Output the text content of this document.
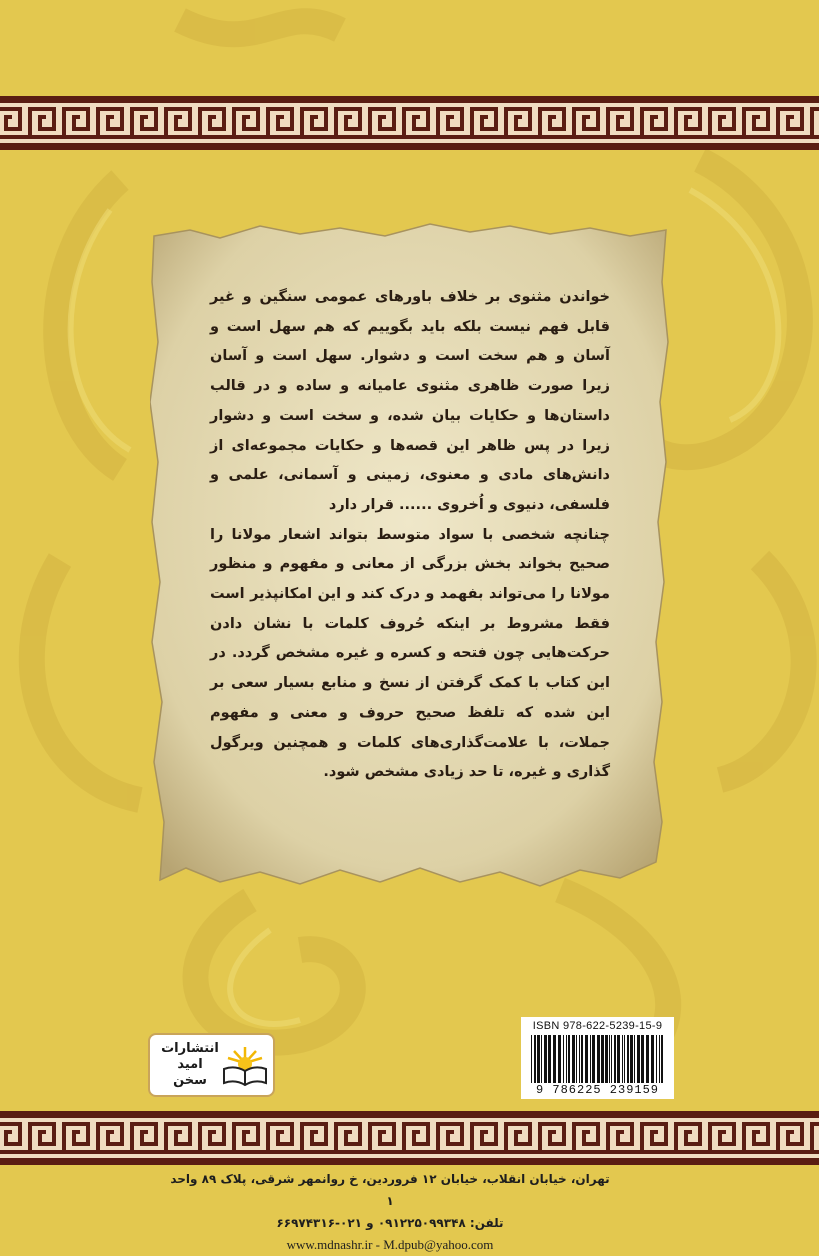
خواندن مثنوی بر خلاف باورهای عمومی سنگین و غیر قابل فهم نیست بلکه باید بگوییم که هم سهل است و آسان و هم سخت است و دشوار. سهل است و آسان زیرا صورت ظاهری مثنوی عامیانه و ساده و در قالب داستان‌ها و حکایات بیان شده، و سخت است و دشوار زیرا در پس ظاهر این قصه‌ها و حکایات مجموعه‌ای از دانش‌های مادی و معنوی، زمینی و آسمانی، علمی و فلسفی، دنیوی و اُخروی ...... قرار دارد

چنانچه شخصی با سواد متوسط بتواند اشعار مولانا را صحیح بخواند بخش بزرگی از معانی و مفهوم و منظور مولانا را می‌تواند بفهمد و درک کند و این امکانپذیر است فقط مشروط بر اینکه حُروف کلمات با نشان دادن حرکت‌هایی چون فتحه و کسره و غیره مشخص گردد. در این کتاب با کمک گرفتن از نسخ و منابع بسیار سعی بر این شده که تلفظ صحیح حروف و معنی و مفهوم جملات، با علامت‌گذاری‌های کلمات و همچنین ویرگول گذاری و غیره، تا حد زیادی مشخص شود.

انتشارات
امید
سخن
ISBN 978-622-5239-15-9
9 786225 239159
تهران، خیابان انقلاب، خیابان ۱۲ فروردین، خ روانمهر شرقی، پلاک ۸۹ واحد ۱
تلفن: ۰۹۱۲۲۵۰۹۹۳۴۸ و ۰۲۱-۶۶۹۷۴۳۱۶
www.mdnashr.ir - M.dpub@yahoo.com
